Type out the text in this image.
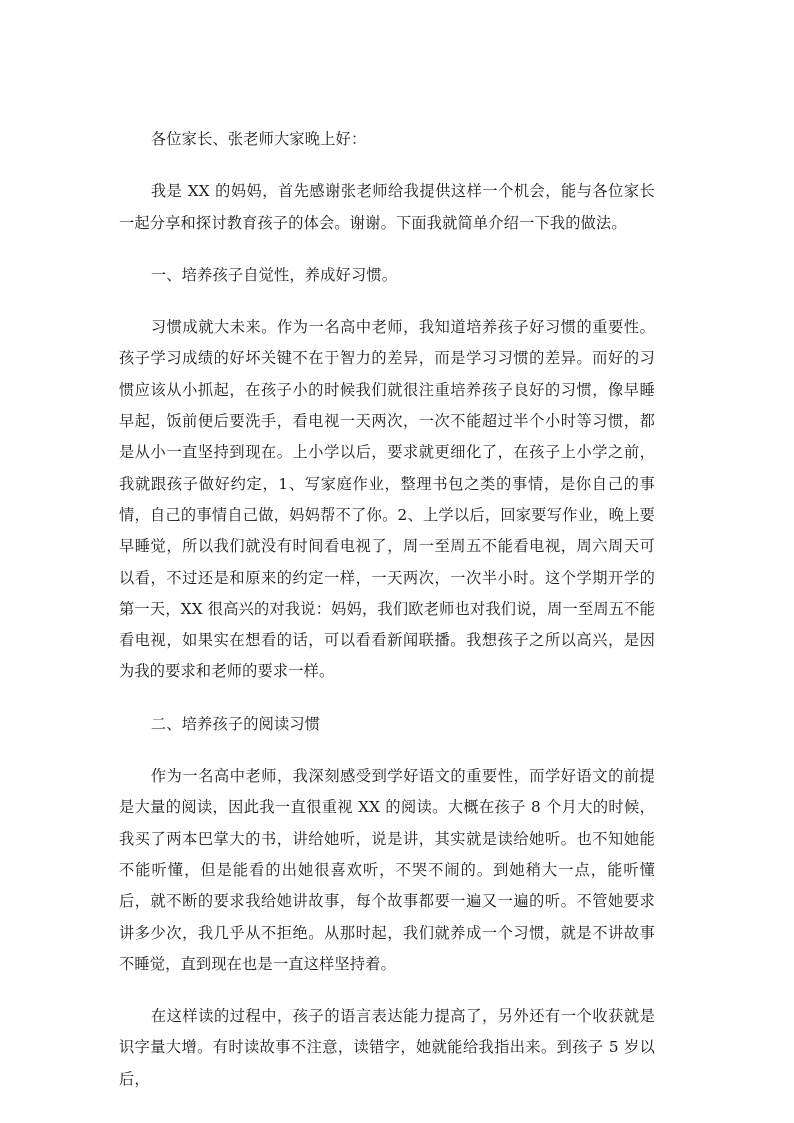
各位家长、张老师大家晚上好：

我是 XX 的妈妈，首先感谢张老师给我提供这样一个机会，能与各位家长一起分享和探讨教育孩子的体会。谢谢。下面我就简单介绍一下我的做法。

一、培养孩子自觉性，养成好习惯。

习惯成就大未来。作为一名高中老师，我知道培养孩子好习惯的重要性。孩子学习成绩的好坏关键不在于智力的差异，而是学习习惯的差异。而好的习惯应该从小抓起，在孩子小的时候我们就很注重培养孩子良好的习惯，像早睡早起，饭前便后要洗手，看电视一天两次，一次不能超过半个小时等习惯，都是从小一直坚持到现在。上小学以后，要求就更细化了，在孩子上小学之前，我就跟孩子做好约定，1、写家庭作业，整理书包之类的事情，是你自己的事情，自己的事情自己做，妈妈帮不了你。2、上学以后，回家要写作业，晚上要早睡觉，所以我们就没有时间看电视了，周一至周五不能看电视，周六周天可以看，不过还是和原来的约定一样，一天两次，一次半小时。这个学期开学的第一天，XX 很高兴的对我说：妈妈，我们欧老师也对我们说，周一至周五不能看电视，如果实在想看的话，可以看看新闻联播。我想孩子之所以高兴，是因为我的要求和老师的要求一样。

二、培养孩子的阅读习惯

作为一名高中老师，我深刻感受到学好语文的重要性，而学好语文的前提是大量的阅读，因此我一直很重视 XX 的阅读。大概在孩子 8 个月大的时候，我买了两本巴掌大的书，讲给她听，说是讲，其实就是读给她听。也不知她能不能听懂，但是能看的出她很喜欢听，不哭不闹的。到她稍大一点，能听懂后，就不断的要求我给她讲故事，每个故事都要一遍又一遍的听。不管她要求讲多少次，我几乎从不拒绝。从那时起，我们就养成一个习惯，就是不讲故事不睡觉，直到现在也是一直这样坚持着。

在这样读的过程中，孩子的语言表达能力提高了，另外还有一个收获就是识字量大增。有时读故事不注意，读错字，她就能给我指出来。到孩子 5 岁以后，
